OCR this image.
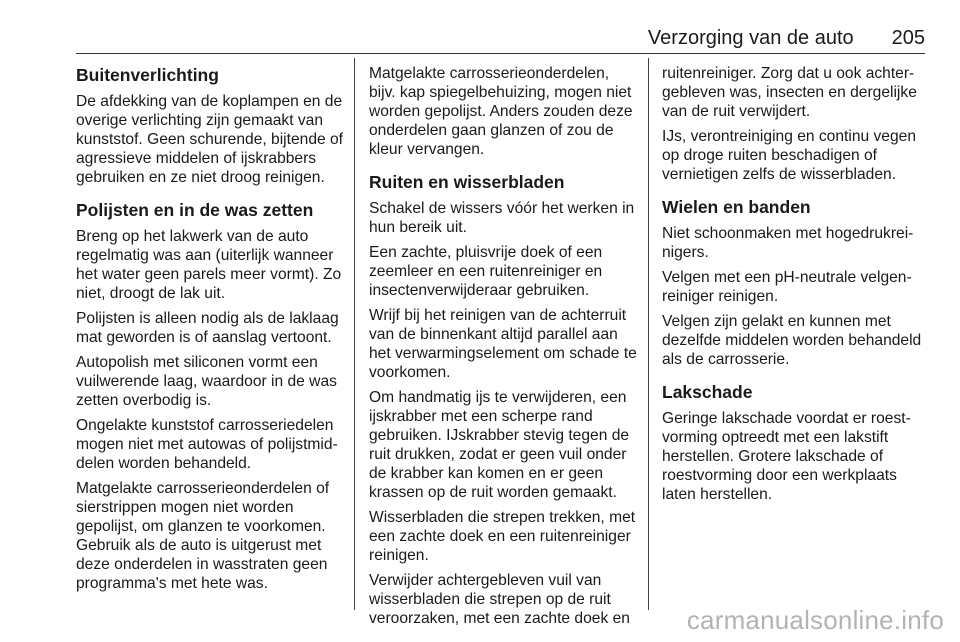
Verzorging van de auto 205
Buitenverlichting

De afdekking van de koplampen en de overige verlichting zijn gemaakt van kunststof. Geen schurende, bijtende of agressieve middelen of ijskrabbers gebruiken en ze niet droog reinigen.

Polijsten en in de was zetten

Breng op het lakwerk van de auto regelmatig was aan (uiterlijk wanneer het water geen parels meer vormt). Zo niet, droogt de lak uit.

Polijsten is alleen nodig als de laklaag mat geworden is of aanslag vertoont.

Autopolish met siliconen vormt een vuilwerende laag, waardoor in de was zetten overbodig is.

Ongelakte kunststof carrosseriedelen mogen niet met autowas of polijstmiddelen worden behandeld.

Matgelakte carrosserieonderdelen of sierstrippen mogen niet worden gepolijst, om glanzen te voorkomen. Gebruik als de auto is uitgerust met deze onderdelen in wasstraten geen programma's met hete was.

Matgelakte carrosserieonderdelen, bijv. kap spiegelbehuizing, mogen niet worden gepolijst. Anders zouden deze onderdelen gaan glanzen of zou de kleur vervangen.

Ruiten en wisserbladen

Schakel de wissers vóór het werken in hun bereik uit.

Een zachte, pluisvrije doek of een zeemleer en een ruitenreiniger en insectenverwijderaar gebruiken.

Wrijf bij het reinigen van de achterruit van de binnenkant altijd parallel aan het verwarmingselement om schade te voorkomen.

Om handmatig ijs te verwijderen, een ijskrabber met een scherpe rand gebruiken. IJskrabber stevig tegen de ruit drukken, zodat er geen vuil onder de krabber kan komen en er geen krassen op de ruit worden gemaakt.

Wisserbladen die strepen trekken, met een zachte doek en een ruitenreiniger reinigen.

Verwijder achtergebleven vuil van wisserbladen die strepen op de ruit veroorzaken, met een zachte doek en

ruitenreiniger. Zorg dat u ook achtergebleven was, insecten en dergelijke van de ruit verwijdert.

IJs, verontreiniging en continu vegen op droge ruiten beschadigen of vernietigen zelfs de wisserbladen.

Wielen en banden

Niet schoonmaken met hogedrukreinigers.

Velgen met een pH-neutrale velgenreiniger reinigen.

Velgen zijn gelakt en kunnen met dezelfde middelen worden behandeld als de carrosserie.

Lakschade

Geringe lakschade voordat er roestvorming optreedt met een lakstift herstellen. Grotere lakschade of roestvorming door een werkplaats laten herstellen.

carmanualsonline.info
